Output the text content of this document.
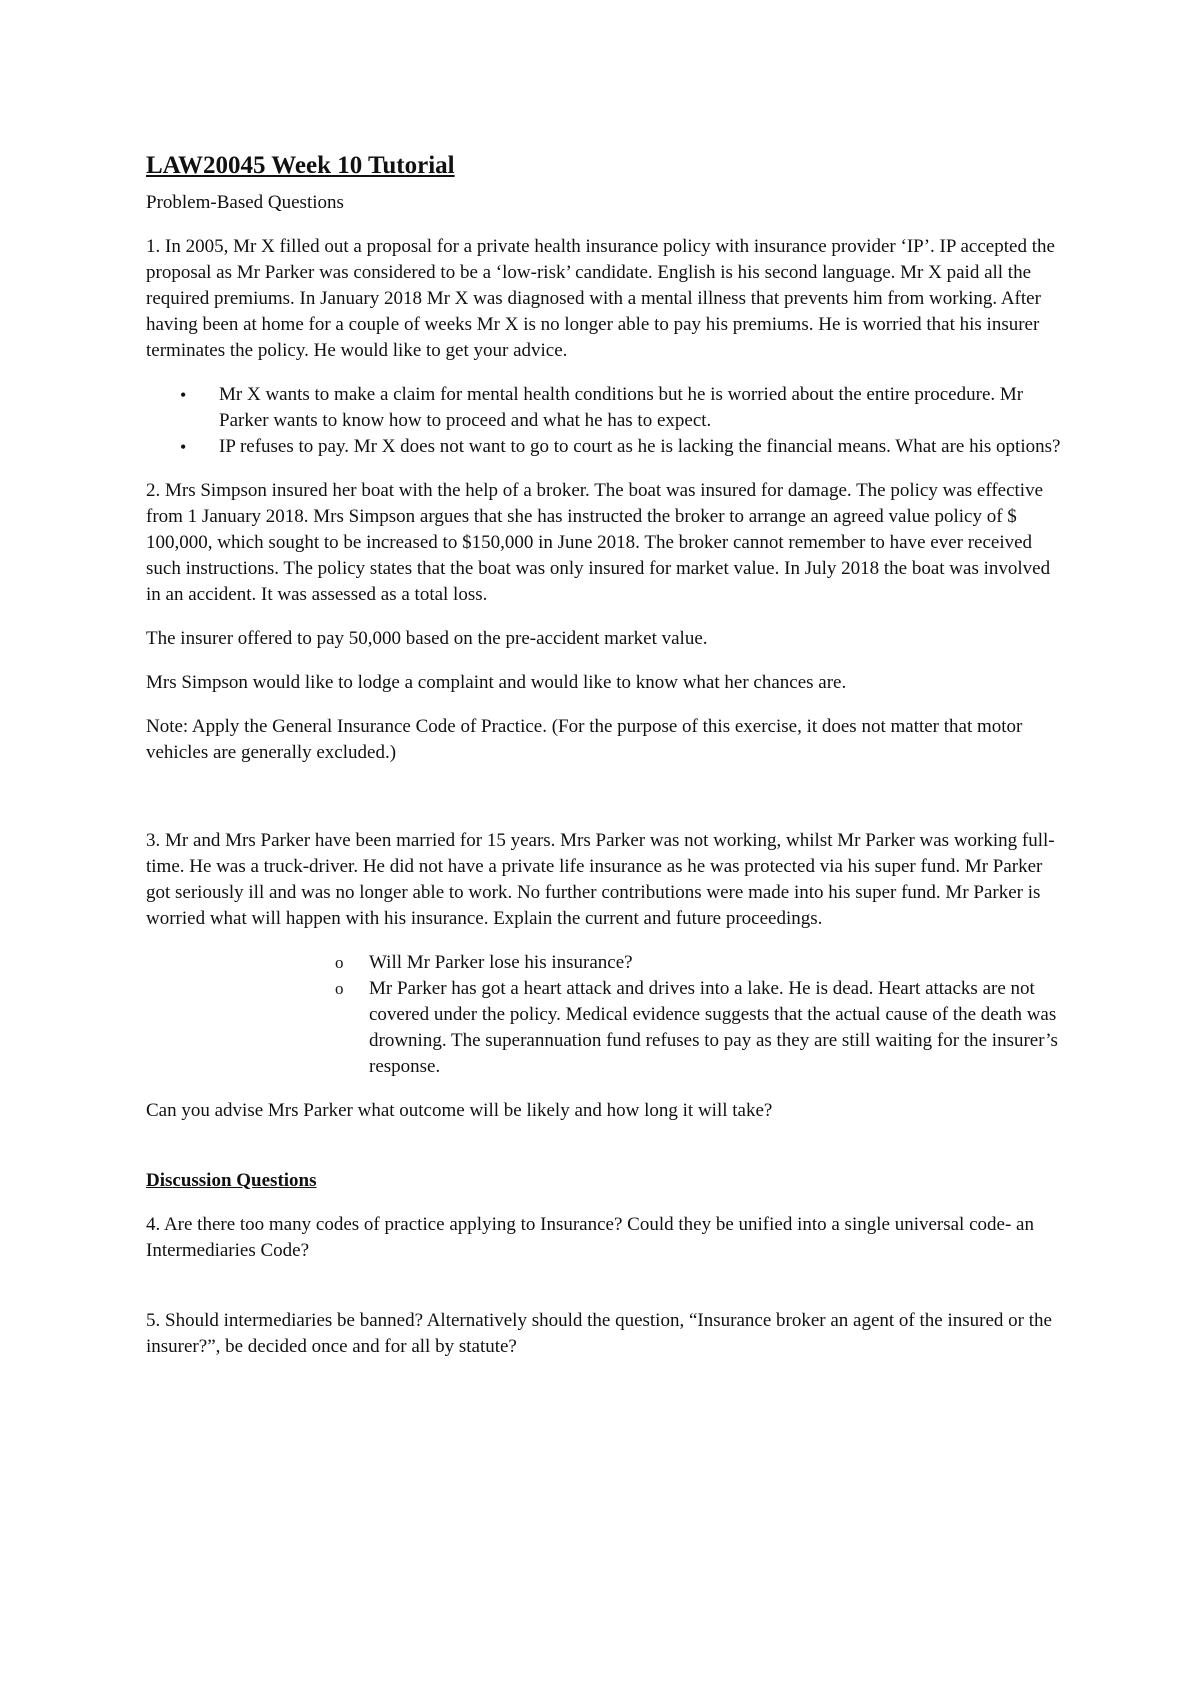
LAW20045 Week 10 Tutorial

Problem-Based Questions

1. In 2005, Mr X filled out a proposal for a private health insurance policy with insurance provider ‘IP’. IP accepted the proposal as Mr Parker was considered to be a ‘low-risk’ candidate. English is his second language. Mr X paid all the required premiums. In January 2018 Mr X was diagnosed with a mental illness that prevents him from working. After having been at home for a couple of weeks Mr X is no longer able to pay his premiums. He is worried that his insurer terminates the policy. He would like to get your advice.

• Mr X wants to make a claim for mental health conditions but he is worried about the entire procedure. Mr Parker wants to know how to proceed and what he has to expect.
• IP refuses to pay. Mr X does not want to go to court as he is lacking the financial means. What are his options?

2. Mrs Simpson insured her boat with the help of a broker. The boat was insured for damage. The policy was effective from 1 January 2018. Mrs Simpson argues that she has instructed the broker to arrange an agreed value policy of $ 100,000, which sought to be increased to $150,000 in June 2018. The broker cannot remember to have ever received such instructions. The policy states that the boat was only insured for market value. In July 2018 the boat was involved in an accident. It was assessed as a total loss.

The insurer offered to pay 50,000 based on the pre-accident market value.

Mrs Simpson would like to lodge a complaint and would like to know what her chances are.

Note: Apply the General Insurance Code of Practice. (For the purpose of this exercise, it does not matter that motor vehicles are generally excluded.)

3. Mr and Mrs Parker have been married for 15 years. Mrs Parker was not working, whilst Mr Parker was working full-time. He was a truck-driver. He did not have a private life insurance as he was protected via his super fund. Mr Parker got seriously ill and was no longer able to work. No further contributions were made into his super fund. Mr Parker is worried what will happen with his insurance. Explain the current and future proceedings.

o Will Mr Parker lose his insurance?
o Mr Parker has got a heart attack and drives into a lake. He is dead. Heart attacks are not covered under the policy. Medical evidence suggests that the actual cause of the death was drowning. The superannuation fund refuses to pay as they are still waiting for the insurer’s response.

Can you advise Mrs Parker what outcome will be likely and how long it will take?

Discussion Questions

4. Are there too many codes of practice applying to Insurance? Could they be unified into a single universal code- an Intermediaries Code?

5. Should intermediaries be banned? Alternatively should the question, “Insurance broker an agent of the insured or the insurer?”, be decided once and for all by statute?
